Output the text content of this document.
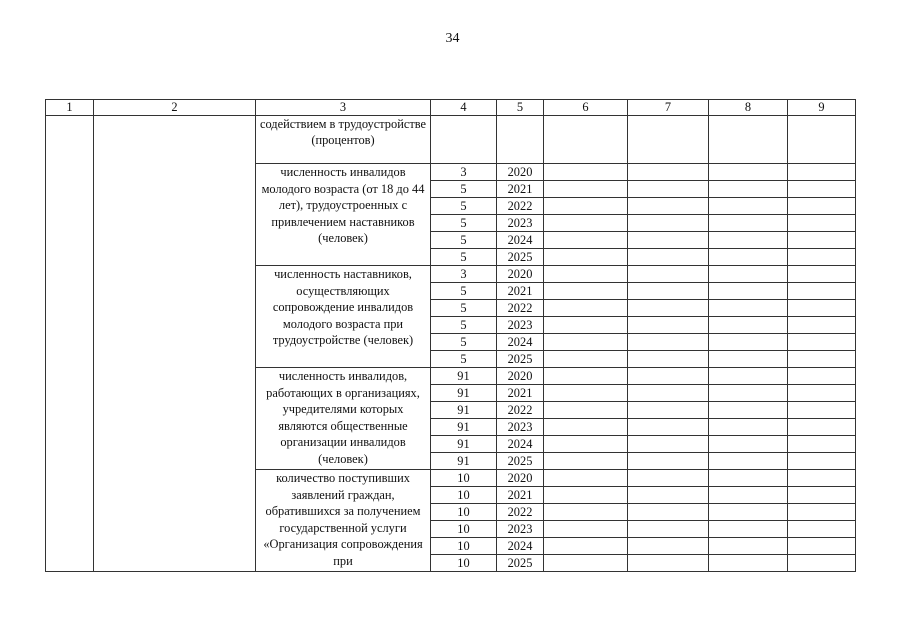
34
1	2	3	4	5	6	7	8	9
		содействием в трудоустройстве (процентов)						
		численность инвалидов молодого возраста (от 18 до 44 лет), трудоустроенных с привлечением наставников (человек)	3	2020				
			5	2021				
			5	2022				
			5	2023				
			5	2024				
			5	2025				
		численность наставников, осуществляющих сопровождение инвалидов молодого возраста при трудоустройстве (человек)	3	2020				
			5	2021				
			5	2022				
			5	2023				
			5	2024				
			5	2025				
		численность инвалидов, работающих в организациях, учредителями которых являются общественные организации инвалидов (человек)	91	2020				
			91	2021				
			91	2022				
			91	2023				
			91	2024				
			91	2025				
		количество поступивших заявлений граждан, обратившихся за получением государственной услуги «Организация сопровождения при	10	2020				
			10	2021				
			10	2022				
			10	2023				
			10	2024				
			10	2025				
